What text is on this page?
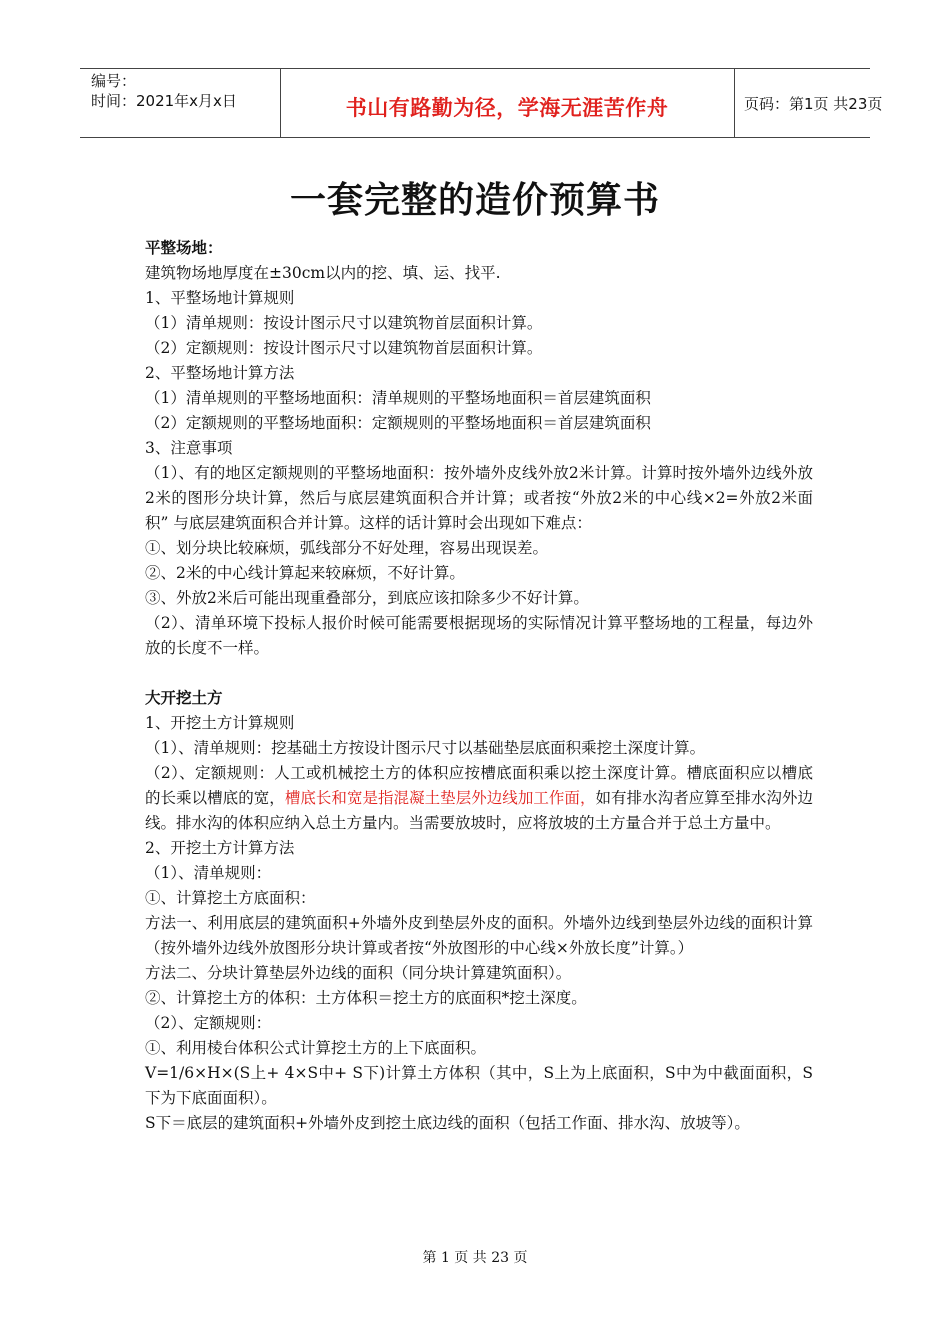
编号：
时间：2021年x月x日	书山有路勤为径，学海无涯苦作舟	页码：第1页 共23页
一套完整的造价预算书

平整场地：

建筑物场地厚度在±30cm以内的挖、填、运、找平.

1、平整场地计算规则

（1）清单规则：按设计图示尺寸以建筑物首层面积计算。

（2）定额规则：按设计图示尺寸以建筑物首层面积计算。

2、平整场地计算方法

（1）清单规则的平整场地面积：清单规则的平整场地面积＝首层建筑面积

（2）定额规则的平整场地面积：定额规则的平整场地面积＝首层建筑面积

3、注意事项

（1）、有的地区定额规则的平整场地面积：按外墙外皮线外放2米计算。计算时按外墙外边线外放2米的图形分块计算，然后与底层建筑面积合并计算；或者按“外放2米的中心线×2=外放2米面积” 与底层建筑面积合并计算。这样的话计算时会出现如下难点：

①、划分块比较麻烦，弧线部分不好处理，容易出现误差。

②、2米的中心线计算起来较麻烦，不好计算。

③、外放2米后可能出现重叠部分，到底应该扣除多少不好计算。

（2）、清单环境下投标人报价时候可能需要根据现场的实际情况计算平整场地的工程量，每边外放的长度不一样。

大开挖土方

1、开挖土方计算规则

（1）、清单规则：挖基础土方按设计图示尺寸以基础垫层底面积乘挖土深度计算。

（2）、定额规则：人工或机械挖土方的体积应按槽底面积乘以挖土深度计算。槽底面积应以槽底的长乘以槽底的宽，槽底长和宽是指混凝土垫层外边线加工作面，如有排水沟者应算至排水沟外边线。排水沟的体积应纳入总土方量内。当需要放坡时，应将放坡的土方量合并于总土方量中。

2、开挖土方计算方法

（1）、清单规则：

①、计算挖土方底面积：

方法一、利用底层的建筑面积+外墙外皮到垫层外皮的面积。外墙外边线到垫层外边线的面积计算（按外墙外边线外放图形分块计算或者按“外放图形的中心线×外放长度”计算。）

方法二、分块计算垫层外边线的面积（同分块计算建筑面积）。

②、计算挖土方的体积：土方体积＝挖土方的底面积*挖土深度。

（2）、定额规则：

①、利用棱台体积公式计算挖土方的上下底面积。

V=1/6×H×(S上+ 4×S中+ S下)计算土方体积（其中，S上为上底面积，S中为中截面面积，S下为下底面面积）。

S下＝底层的建筑面积+外墙外皮到挖土底边线的面积（包括工作面、排水沟、放坡等）。

第 1 页 共 23 页
